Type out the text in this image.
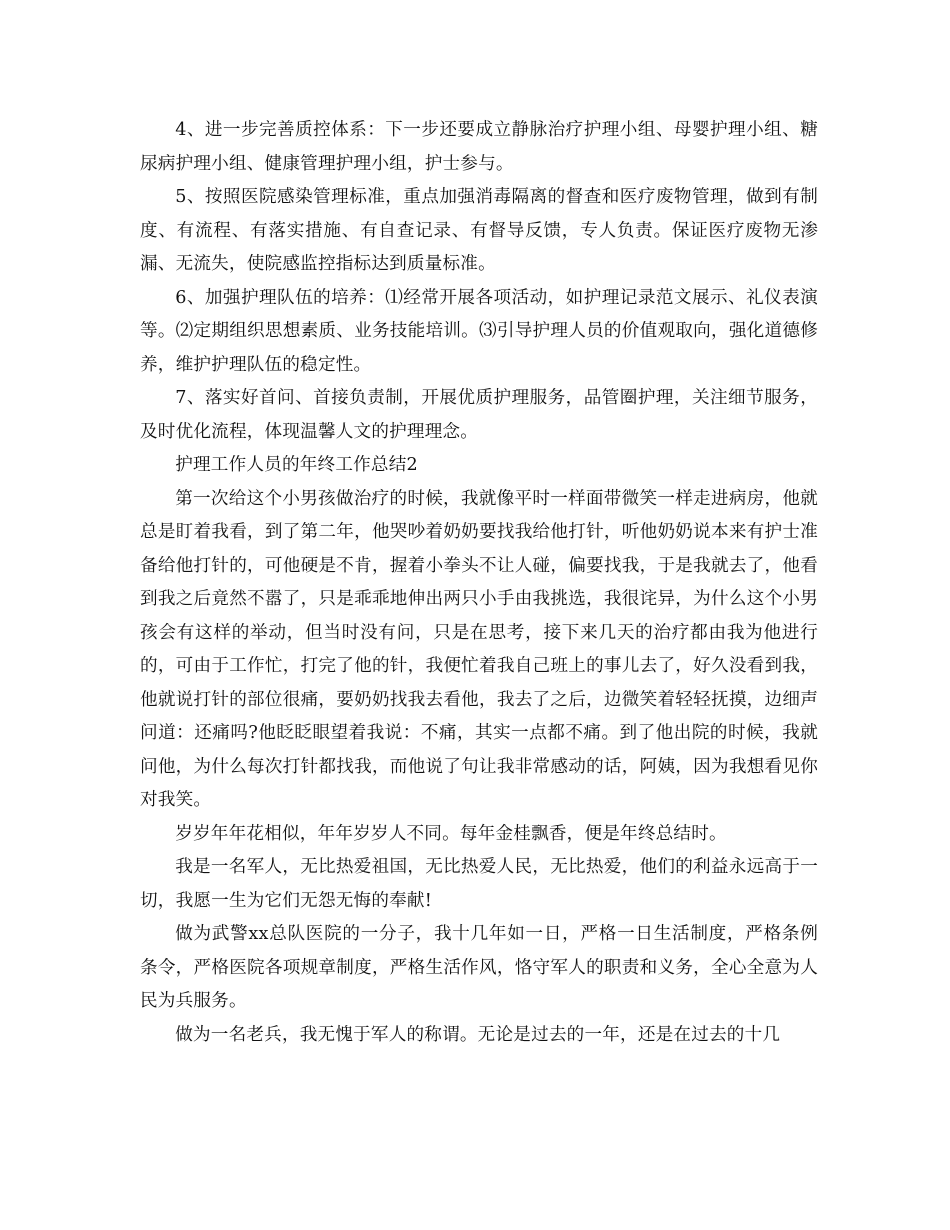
4、进一步完善质控体系：下一步还要成立静脉治疗护理小组、母婴护理小组、糖尿病护理小组、健康管理护理小组，护士参与。

5、按照医院感染管理标准，重点加强消毒隔离的督查和医疗废物管理，做到有制度、有流程、有落实措施、有自查记录、有督导反馈，专人负责。保证医疗废物无渗漏、无流失，使院感监控指标达到质量标准。

6、加强护理队伍的培养：⑴经常开展各项活动，如护理记录范文展示、礼仪表演等。⑵定期组织思想素质、业务技能培训。⑶引导护理人员的价值观取向，强化道德修养，维护护理队伍的稳定性。

7、落实好首问、首接负责制，开展优质护理服务，品管圈护理，关注细节服务，及时优化流程，体现温馨人文的护理理念。

护理工作人员的年终工作总结2

第一次给这个小男孩做治疗的时候，我就像平时一样面带微笑一样走进病房，他就总是盯着我看，到了第二年，他哭吵着奶奶要找我给他打针，听他奶奶说本来有护士准备给他打针的，可他硬是不肯，握着小拳头不让人碰，偏要找我，于是我就去了，他看到我之后竟然不嚣了，只是乖乖地伸出两只小手由我挑选，我很诧异，为什么这个小男孩会有这样的举动，但当时没有问，只是在思考，接下来几天的治疗都由我为他进行的，可由于工作忙，打完了他的针，我便忙着我自己班上的事儿去了，好久没看到我，他就说打针的部位很痛，要奶奶找我去看他，我去了之后，边微笑着轻轻抚摸，边细声问道：还痛吗?他眨眨眼望着我说：不痛，其实一点都不痛。到了他出院的时候，我就问他，为什么每次打针都找我，而他说了句让我非常感动的话，阿姨，因为我想看见你对我笑。

岁岁年年花相似，年年岁岁人不同。每年金桂飘香，便是年终总结时。

我是一名军人，无比热爱祖国，无比热爱人民，无比热爱，他们的利益永远高于一切，我愿一生为它们无怨无悔的奉献!

做为武警xx总队医院的一分子，我十几年如一日，严格一日生活制度，严格条例条令，严格医院各项规章制度，严格生活作风，恪守军人的职责和义务，全心全意为人民为兵服务。

做为一名老兵，我无愧于军人的称谓。无论是过去的一年，还是在过去的十几
